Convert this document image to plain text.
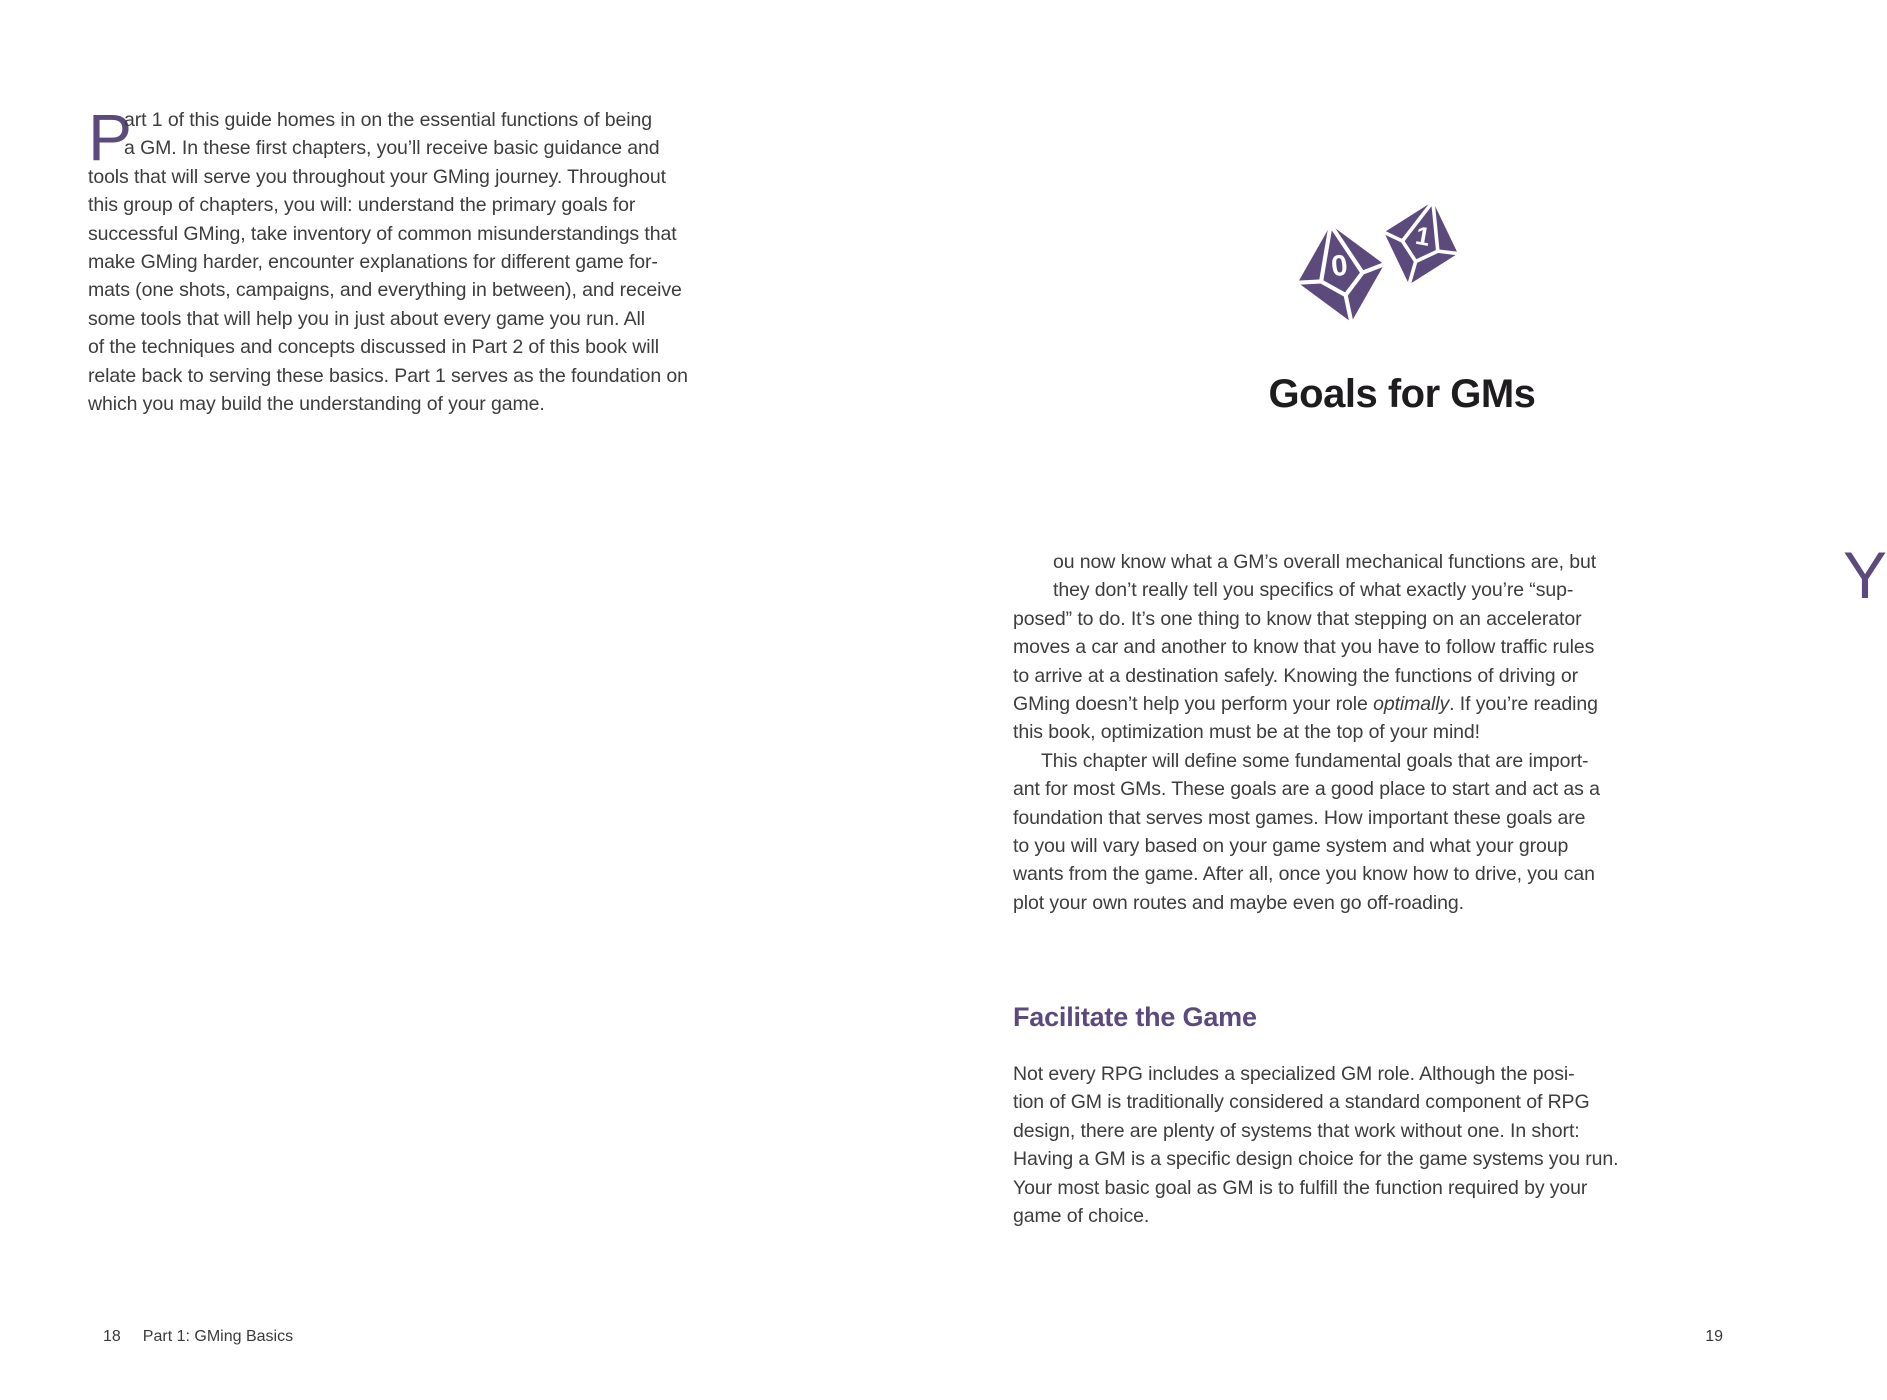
P
art 1 of this guide homes in on the essential functions of being
a GM. In these first chapters, you’ll receive basic guidance and
tools that will serve you throughout your GMing journey. Throughout
this group of chapters, you will: understand the primary goals for
successful GMing, take inventory of common misunderstandings that
make GMing harder, encounter explanations for different game for-
mats (one shots, campaigns, and everything in between), and receive
some tools that will help you in just about every game you run. All
of the techniques and concepts discussed in Part 2 of this book will
relate back to serving these basics. Part 1 serves as the foundation on
which you may build the understanding of your game.
18 Part 1: GMing Basics
0
1
Goals for GMs
Y
ou now know what a GM’s overall mechanical functions are, but
they don’t really tell you specifics of what exactly you’re “sup-
posed” to do. It’s one thing to know that stepping on an accelerator
moves a car and another to know that you have to follow traffic rules
to arrive at a destination safely. Knowing the functions of driving or
GMing doesn’t help you perform your role optimally. If you’re reading
this book, optimization must be at the top of your mind!
This chapter will define some fundamental goals that are import-
ant for most GMs. These goals are a good place to start and act as a
foundation that serves most games. How important these goals are
to you will vary based on your game system and what your group
wants from the game. After all, once you know how to drive, you can
plot your own routes and maybe even go off-roading.
Facilitate the Game
Not every RPG includes a specialized GM role. Although the posi-
tion of GM is traditionally considered a standard component of RPG
design, there are plenty of systems that work without one. In short:
Having a GM is a specific design choice for the game systems you run.
Your most basic goal as GM is to fulfill the function required by your
game of choice.
19
